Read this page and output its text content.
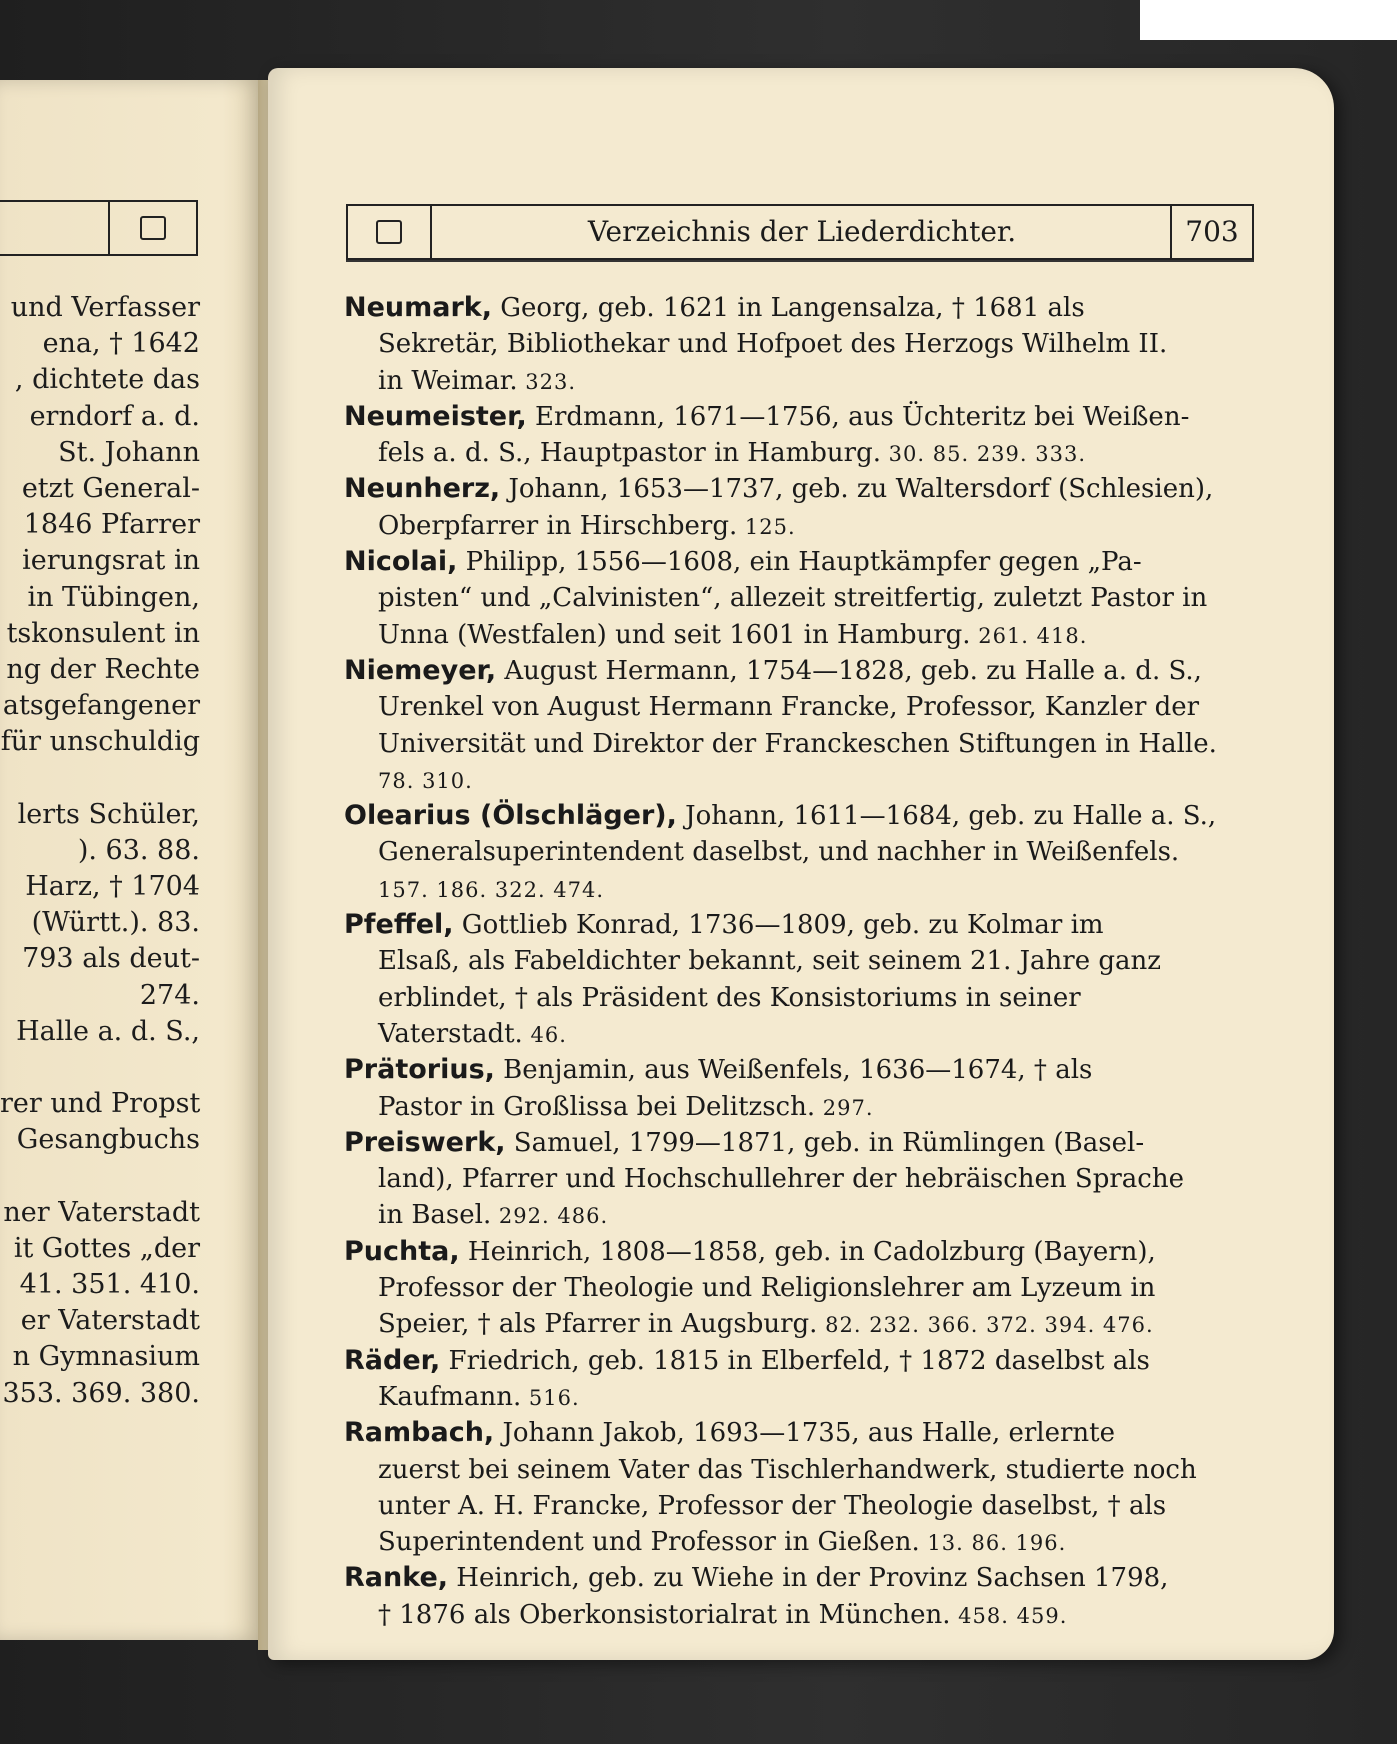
und Verfasser
ena, † 1642
, dichtete das
erndorf a. d.
St. Johann
etzt General-
1846 Pfarrer
ierungsrat in
in Tübingen,
tskonsulent in
ng der Rechte
atsgefangener
für unschuldig
lerts Schüler,
). 63. 88.
Harz, † 1704
(Württ.). 83.
793 als deut-
274.
Halle a. d. S.,
rer und Propst
Gesangbuchs
ner Vaterstadt
it Gottes „der
41. 351. 410.
er Vaterstadt
n Gymnasium
353. 369. 380.
Verzeichnis der Liederdichter.	703
Neumark, Georg, geb. 1621 in Langensalza, † 1681 als
Sekretär, Bibliothekar und Hofpoet des Herzogs Wilhelm II.
in Weimar. 323.
Neumeister, Erdmann, 1671—1756, aus Üchteritz bei Weißen-
fels a. d. S., Hauptpastor in Hamburg. 30. 85. 239. 333.
Neunherz, Johann, 1653—1737, geb. zu Waltersdorf (Schlesien),
Oberpfarrer in Hirschberg. 125.
Nicolai, Philipp, 1556—1608, ein Hauptkämpfer gegen „Pa-
pisten“ und „Calvinisten“, allezeit streitfertig, zuletzt Pastor in
Unna (Westfalen) und seit 1601 in Hamburg. 261. 418.
Niemeyer, August Hermann, 1754—1828, geb. zu Halle a. d. S.,
Urenkel von August Hermann Francke, Professor, Kanzler der
Universität und Direktor der Franckeschen Stiftungen in Halle.
78. 310.
Olearius (Ölschläger), Johann, 1611—1684, geb. zu Halle a. S.,
Generalsuperintendent daselbst, und nachher in Weißenfels.
157. 186. 322. 474.
Pfeffel, Gottlieb Konrad, 1736—1809, geb. zu Kolmar im
Elsaß, als Fabeldichter bekannt, seit seinem 21. Jahre ganz
erblindet, † als Präsident des Konsistoriums in seiner
Vaterstadt. 46.
Prätorius, Benjamin, aus Weißenfels, 1636—1674, † als
Pastor in Großlissa bei Delitzsch. 297.
Preiswerk, Samuel, 1799—1871, geb. in Rümlingen (Basel-
land), Pfarrer und Hochschullehrer der hebräischen Sprache
in Basel. 292. 486.
Puchta, Heinrich, 1808—1858, geb. in Cadolzburg (Bayern),
Professor der Theologie und Religionslehrer am Lyzeum in
Speier, † als Pfarrer in Augsburg. 82. 232. 366. 372. 394. 476.
Räder, Friedrich, geb. 1815 in Elberfeld, † 1872 daselbst als
Kaufmann. 516.
Rambach, Johann Jakob, 1693—1735, aus Halle, erlernte
zuerst bei seinem Vater das Tischlerhandwerk, studierte noch
unter A. H. Francke, Professor der Theologie daselbst, † als
Superintendent und Professor in Gießen. 13. 86. 196.
Ranke, Heinrich, geb. zu Wiehe in der Provinz Sachsen 1798,
† 1876 als Oberkonsistorialrat in München. 458. 459.
